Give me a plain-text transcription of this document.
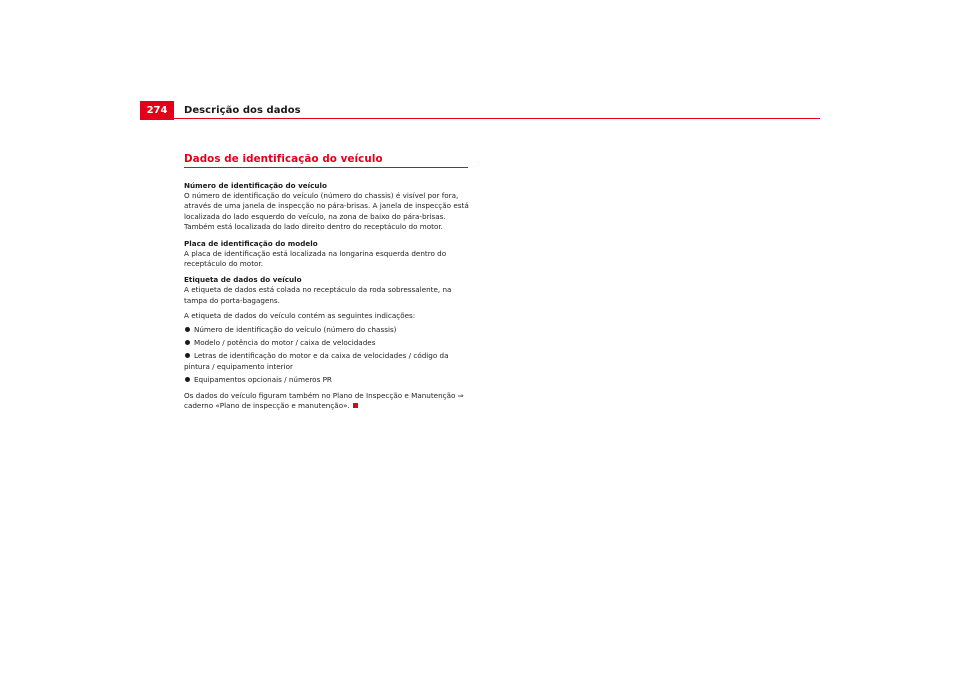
274	Descrição dos dados
Dados de identificação do veículo

Número de identificação do veículo

O número de identificação do veículo (número do chassis) é visível por fora, através de uma janela de inspecção no pára-brisas. A janela de inspecção está localizada do lado esquerdo do veículo, na zona de baixo do pára-brisas. Também está localizada do lado direito dentro do receptáculo do motor.

Placa de identificação do modelo

A placa de identificação está localizada na longarina esquerda dentro do receptáculo do motor.

Etiqueta de dados do veículo

A etiqueta de dados está colada no receptáculo da roda sobressalente, na tampa do porta-bagagens.

A etiqueta de dados do veículo contém as seguintes indicações:

Número de identificação do veículo (número do chassis)
Modelo / potência do motor / caixa de velocidades
Letras de identificação do motor e da caixa de velocidades / código da pintura / equipamento interior
Equipamentos opcionais / números PR

Os dados do veículo figuram também no Plano de Inspecção e Manutenção ⇒ caderno «Plano de inspecção e manutenção».
